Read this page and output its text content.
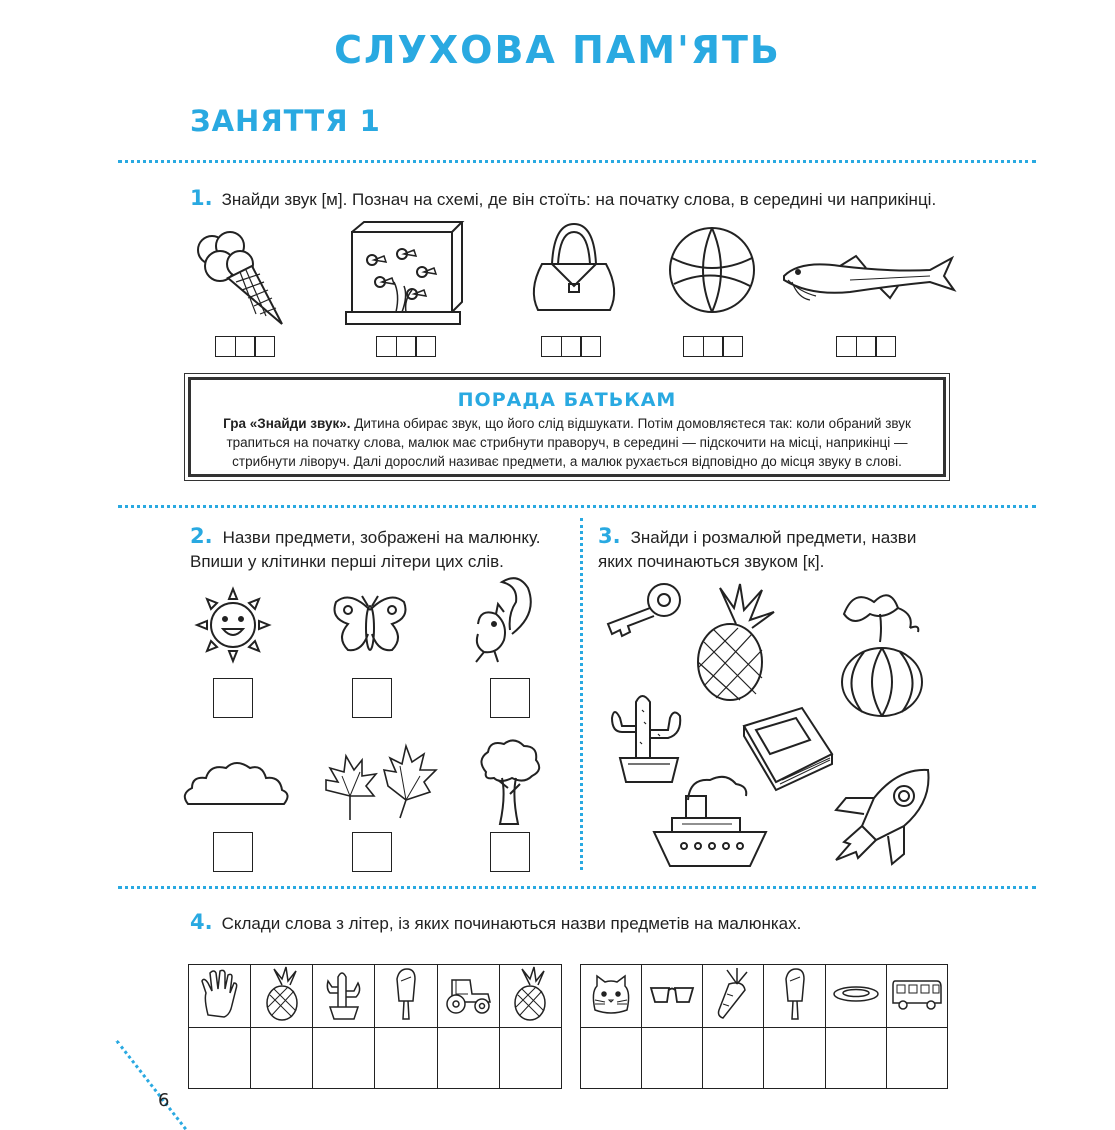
СЛУХОВА ПАМ'ЯТЬ
ЗАНЯТТЯ 1
1. Знайди звук [м]. Познач на схемі, де він стоїть: на початку слова, в середині чи наприкінці.
ПОРАДА БАТЬКАМ
Гра «Знайди звук». Дитина обирає звук, що його слід відшукати. Потім домовляєтеся так: коли обраний звук трапиться на початку слова, малюк має стрибнути праворуч, в середині — підскочити на місці, наприкінці — стрибнути ліворуч. Далі дорослий називає предмети, а малюк рухається відповідно до місця звуку в слові.
2. Назви предмети, зображені на малюнку.
Впиши у клітинки перші літери цих слів.
3. Знайди і розмалюй предмети, назви
яких починаються звуком [к].
4. Склади слова з літер, із яких починаються назви предметів на малюнках.

6
